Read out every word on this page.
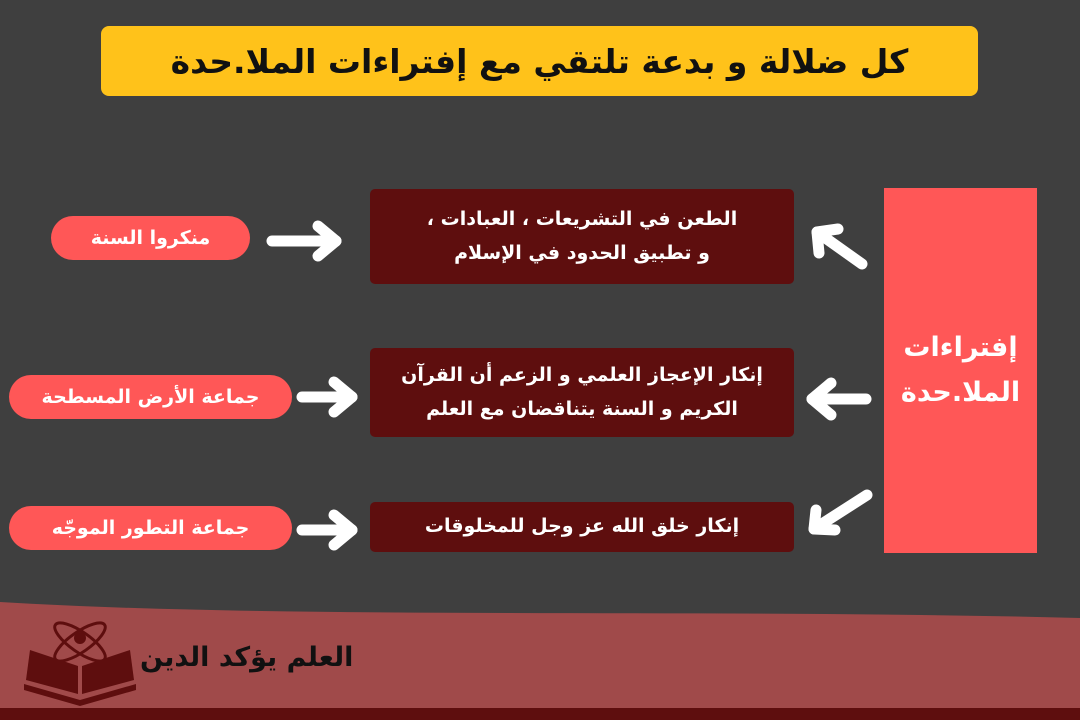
كل ضلالة و بدعة تلتقي مع إفتراءات الملا.حدة
إفتراءات
الملا.حدة
الطعن في التشريعات ، العبادات ،
و تطبيق الحدود في الإسلام
إنكار الإعجاز العلمي و الزعم أن القرآن
الكريم و السنة يتناقضان مع العلم
إنكار خلق الله عز وجل للمخلوقات
منكروا السنة
جماعة الأرض المسطحة
جماعة التطور الموجّه
العلم يؤكد الدين
